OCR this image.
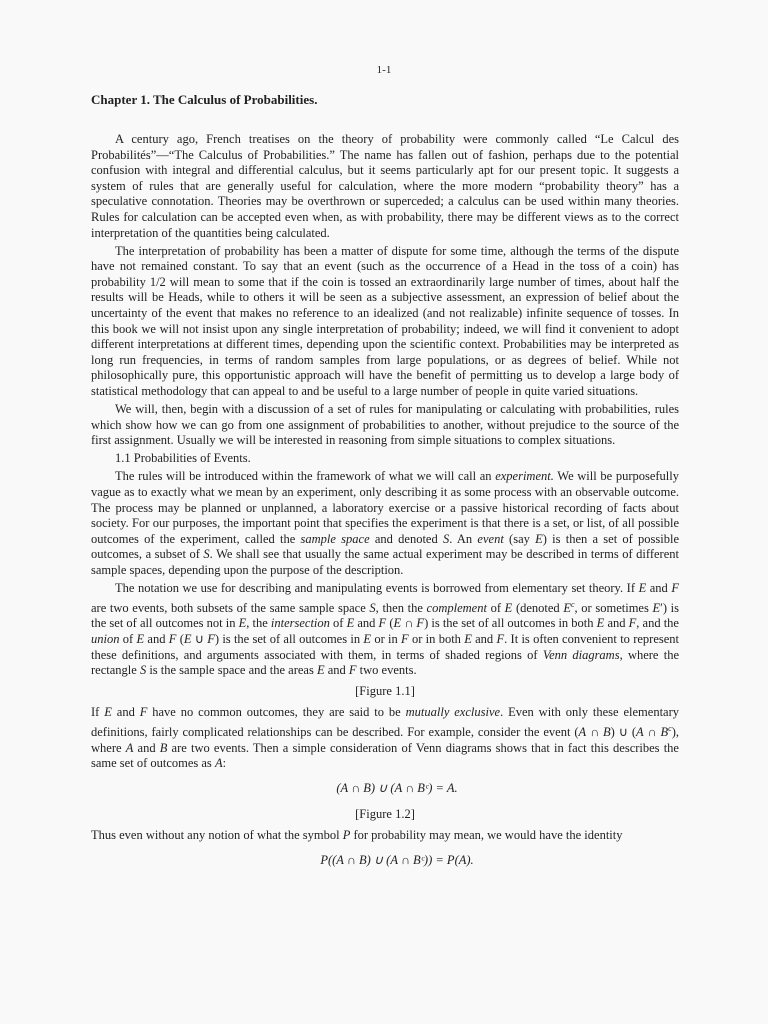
1-1
Chapter 1. The Calculus of Probabilities.

A century ago, French treatises on the theory of probability were commonly called “Le Calcul des Probabilités”—“The Calculus of Probabilities.” The name has fallen out of fashion, perhaps due to the potential confusion with integral and differential calculus, but it seems particularly apt for our present topic. It suggests a system of rules that are generally useful for calculation, where the more modern “probability theory” has a speculative connotation. Theories may be overthrown or superceded; a calculus can be used within many theories. Rules for calculation can be accepted even when, as with probability, there may be different views as to the correct interpretation of the quantities being calculated.

The interpretation of probability has been a matter of dispute for some time, although the terms of the dispute have not remained constant. To say that an event (such as the occurrence of a Head in the toss of a coin) has probability 1/2 will mean to some that if the coin is tossed an extraordinarily large number of times, about half the results will be Heads, while to others it will be seen as a subjective assessment, an expression of belief about the uncertainty of the event that makes no reference to an idealized (and not realizable) infinite sequence of tosses. In this book we will not insist upon any single interpretation of probability; indeed, we will find it convenient to adopt different interpretations at different times, depending upon the scientific context. Probabilities may be interpreted as long run frequencies, in terms of random samples from large populations, or as degrees of belief. While not philosophically pure, this opportunistic approach will have the benefit of permitting us to develop a large body of statistical methodology that can appeal to and be useful to a large number of people in quite varied situations.

We will, then, begin with a discussion of a set of rules for manipulating or calculating with probabilities, rules which show how we can go from one assignment of probabilities to another, without prejudice to the source of the first assignment. Usually we will be interested in reasoning from simple situations to complex situations.

1.1 Probabilities of Events.

The rules will be introduced within the framework of what we will call an experiment. We will be purposefully vague as to exactly what we mean by an experiment, only describing it as some process with an observable outcome. The process may be planned or unplanned, a laboratory exercise or a passive historical recording of facts about society. For our purposes, the important point that specifies the experiment is that there is a set, or list, of all possible outcomes of the experiment, called the sample space and denoted S. An event (say E) is then a set of possible outcomes, a subset of S. We shall see that usually the same actual experiment may be described in terms of different sample spaces, depending upon the purpose of the description.

The notation we use for describing and manipulating events is borrowed from elementary set theory. If E and F are two events, both subsets of the same sample space S, then the complement of E (denoted $E^c$, or sometimes E′) is the set of all outcomes not in E, the intersection of E and F (E ∩ F) is the set of all outcomes in both E and F, and the union of E and F (E ∪ F) is the set of all outcomes in E or in F or in both E and F. It is often convenient to represent these definitions, and arguments associated with them, in terms of shaded regions of Venn diagrams, where the rectangle S is the sample space and the areas E and F two events.

[Figure 1.1]

If E and F have no common outcomes, they are said to be mutually exclusive. Even with only these elementary definitions, fairly complicated relationships can be described. For example, consider the event (A ∩ B) ∪ (A ∩ $B^c$), where A and B are two events. Then a simple consideration of Venn diagrams shows that in fact this describes the same set of outcomes as A:

(A ∩ B) ∪ (A ∩ Bᶜ) = A.

[Figure 1.2]

Thus even without any notion of what the symbol P for probability may mean, we would have the identity

P((A ∩ B) ∪ (A ∩ Bᶜ)) = P(A).
